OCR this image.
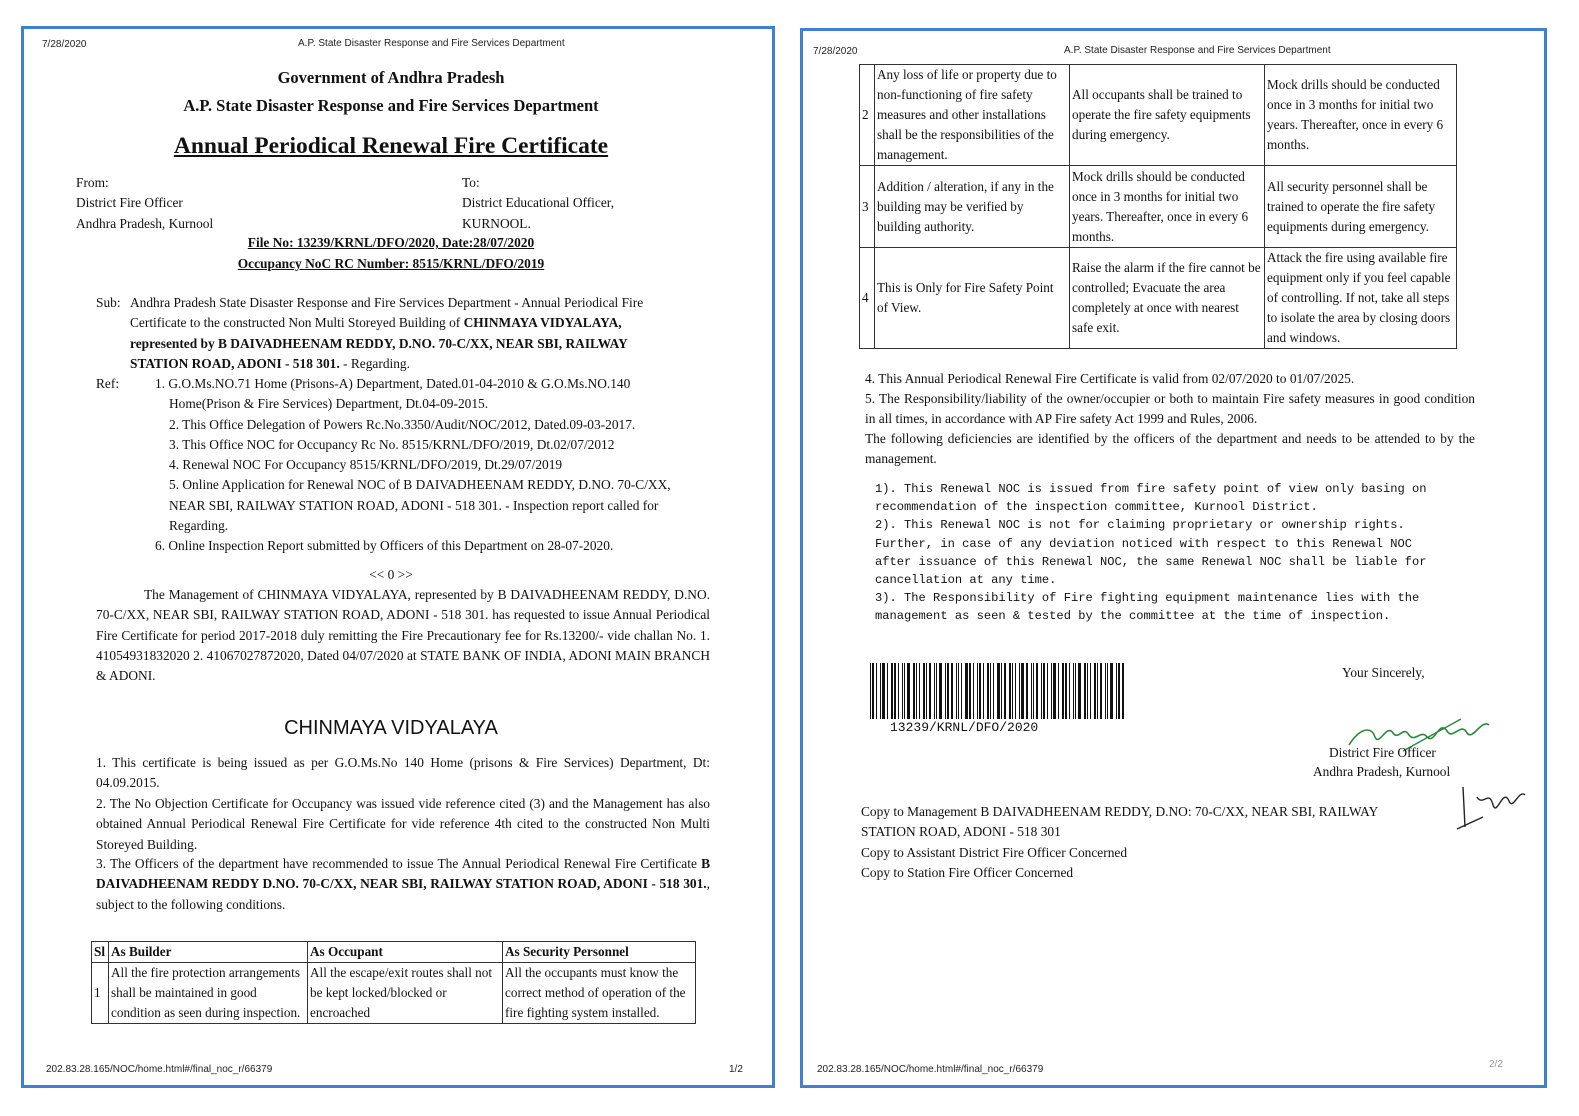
7/28/2020	A.P. State Disaster Response and Fire Services Department
Government of Andhra Pradesh
A.P. State Disaster Response and Fire Services Department
Annual Periodical Renewal Fire Certificate
From:
District Fire Officer
Andhra Pradesh, Kurnool
To:
District Educational Officer,
KURNOOL.
File No: 13239/KRNL/DFO/2020, Date:28/07/2020
Occupancy NoC RC Number: 8515/KRNL/DFO/2019
Sub: Andhra Pradesh State Disaster Response and Fire Services Department - Annual Periodical Fire
Certificate to the constructed Non Multi Storeyed Building of CHINMAYA VIDYALAYA,
represented by B DAIVADHEENAM REDDY, D.NO. 70-C/XX, NEAR SBI, RAILWAY
STATION ROAD, ADONI - 518 301. - Regarding.
Ref:	1. G.O.Ms.NO.71 Home (Prisons-A) Department, Dated.01-04-2010 & G.O.Ms.NO.140
Home(Prison & Fire Services) Department, Dt.04-09-2015.
2. This Office Delegation of Powers Rc.No.3350/Audit/NOC/2012, Dated.09-03-2017.
3. This Office NOC for Occupancy Rc No. 8515/KRNL/DFO/2019, Dt.02/07/2012
4. Renewal NOC For Occupancy 8515/KRNL/DFO/2019, Dt.29/07/2019
5. Online Application for Renewal NOC of B DAIVADHEENAM REDDY, D.NO. 70-C/XX,
NEAR SBI, RAILWAY STATION ROAD, ADONI - 518 301. - Inspection report called for
Regarding.
6. Online Inspection Report submitted by Officers of this Department on 28-07-2020.
<< 0 >>
The Management of CHINMAYA VIDYALAYA, represented by B DAIVADHEENAM REDDY, D.NO. 70-C/XX, NEAR SBI, RAILWAY STATION ROAD, ADONI - 518 301. has requested to issue Annual Periodical Fire Certificate for period 2017-2018 duly remitting the Fire Precautionary fee for Rs.13200/- vide challan No. 1. 41054931832020 2. 41067027872020, Dated 04/07/2020 at STATE BANK OF INDIA, ADONI MAIN BRANCH & ADONI.
CHINMAYA VIDYALAYA
1. This certificate is being issued as per G.O.Ms.No 140 Home (prisons & Fire Services) Department, Dt: 04.09.2015.
2. The No Objection Certificate for Occupancy was issued vide reference cited (3) and the Management has also obtained Annual Periodical Renewal Fire Certificate for vide reference 4th cited to the constructed Non Multi Storeyed Building.
3. The Officers of the department have recommended to issue The Annual Periodical Renewal Fire Certificate B DAIVADHEENAM REDDY D.NO. 70-C/XX, NEAR SBI, RAILWAY STATION ROAD, ADONI - 518 301., subject to the following conditions.
Sl	As Builder	As Occupant	As Security Personnel
1	All the fire protection arrangements shall be maintained in good condition as seen during inspection.	All the escape/exit routes shall not be kept locked/blocked or encroached	All the occupants must know the correct method of operation of the fire fighting system installed.
202.83.28.165/NOC/home.html#/final_noc_r/66379	1/2
7/28/2020	A.P. State Disaster Response and Fire Services Department
2	Any loss of life or property due to non-functioning of fire safety measures and other installations shall be the responsibilities of the management.	All occupants shall be trained to operate the fire safety equipments during emergency.	Mock drills should be conducted once in 3 months for initial two years. Thereafter, once in every 6 months.
3	Addition / alteration, if any in the building may be verified by building authority.	Mock drills should be conducted once in 3 months for initial two years. Thereafter, once in every 6 months.	All security personnel shall be trained to operate the fire safety equipments during emergency.
4	This is Only for Fire Safety Point of View.	Raise the alarm if the fire cannot be controlled; Evacuate the area completely at once with nearest safe exit.	Attack the fire using available fire equipment only if you feel capable of controlling. If not, take all steps to isolate the area by closing doors and windows.
4. This Annual Periodical Renewal Fire Certificate is valid from 02/07/2020 to 01/07/2025.
5. The Responsibility/liability of the owner/occupier or both to maintain Fire safety measures in good condition in all times, in accordance with AP Fire safety Act 1999 and Rules, 2006.
The following deficiencies are identified by the officers of the department and needs to be attended to by the management.
1). This Renewal NOC is issued from fire safety point of view only basing on
recommendation of the inspection committee, Kurnool District.
2). This Renewal NOC is not for claiming proprietary or ownership rights.
Further, in case of any deviation noticed with respect to this Renewal NOC
after issuance of this Renewal NOC, the same Renewal NOC shall be liable for
cancellation at any time.
3). The Responsibility of Fire fighting equipment maintenance lies with the
management as seen & tested by the committee at the time of inspection.
13239/KRNL/DFO/2020
Your Sincerely,
District Fire Officer
Andhra Pradesh, Kurnool
Copy to Management B DAIVADHEENAM REDDY, D.NO: 70-C/XX, NEAR SBI, RAILWAY
STATION ROAD, ADONI - 518 301
Copy to Assistant District Fire Officer Concerned
Copy to Station Fire Officer Concerned
202.83.28.165/NOC/home.html#/final_noc_r/66379	2/2
